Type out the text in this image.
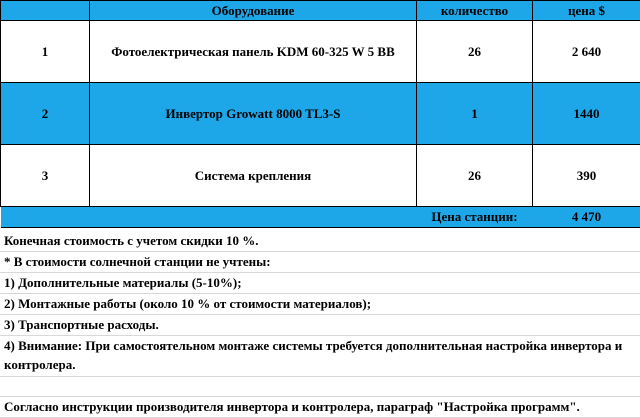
	Оборудование	количество	цена $
1	Фотоелектрическая панель KDM 60-325 W 5 BB	26	2 640
2	Инвертор Growatt 8000 TL3-S	1	1440
3	Система крепления	26	390
		Цена станции:	4 470
Конечная стоимость с учетом скидки 10 %.
* В стоимости солнечной станции не учтены:
1) Дополнительные материалы (5-10%);
2) Монтажные работы (около 10 % от стоимости материалов);
3) Транспортные расходы.
4) Внимание: При самостоятельном монтаже системы требуется дополнительная настройка инвертора и контролера.
Согласно инструкции производителя инвертора и контролера, параграф "Настройка программ".
